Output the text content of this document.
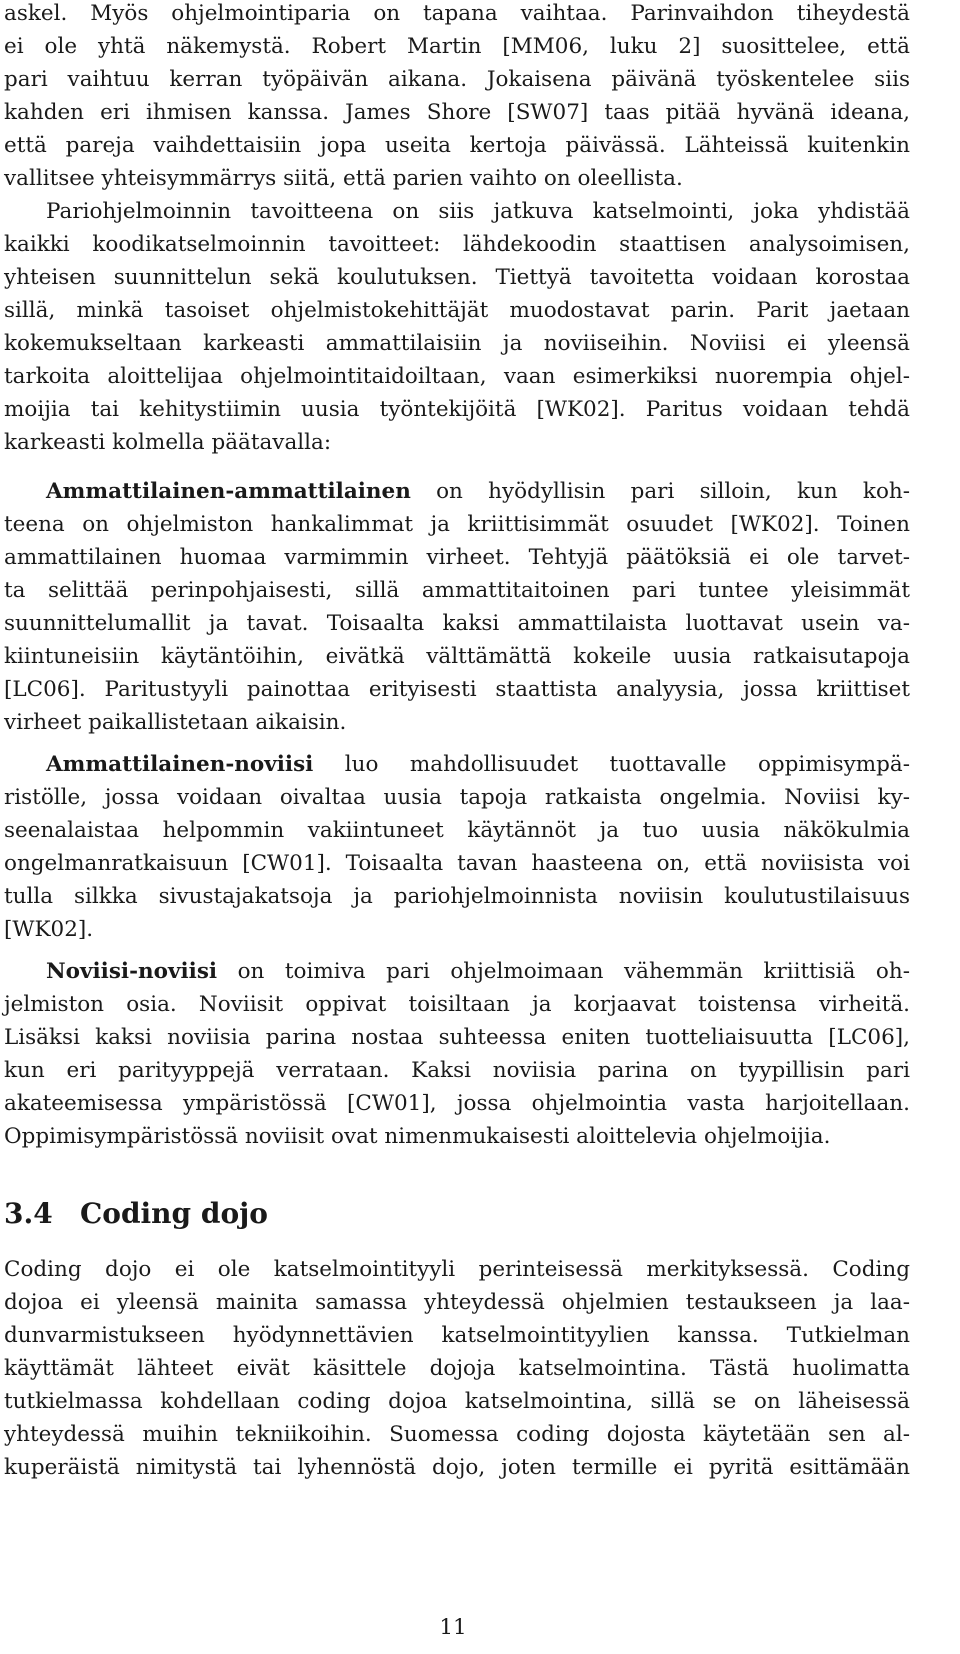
askel. Myös ohjelmointiparia on tapana vaihtaa. Parinvaihdon tiheydestä
ei ole yhtä näkemystä. Robert Martin [MM06, luku 2] suosittelee, että
pari vaihtuu kerran työpäivän aikana. Jokaisena päivänä työskentelee siis
kahden eri ihmisen kanssa. James Shore [SW07] taas pitää hyvänä ideana,
että pareja vaihdettaisiin jopa useita kertoja päivässä. Lähteissä kuitenkin
vallitsee yhteisymmärrys siitä, että parien vaihto on oleellista.
Pariohjelmoinnin tavoitteena on siis jatkuva katselmointi, joka yhdistää
kaikki koodikatselmoinnin tavoitteet: lähdekoodin staattisen analysoimisen,
yhteisen suunnittelun sekä koulutuksen. Tiettyä tavoitetta voidaan korostaa
sillä, minkä tasoiset ohjelmistokehittäjät muodostavat parin. Parit jaetaan
kokemukseltaan karkeasti ammattilaisiin ja noviiseihin. Noviisi ei yleensä
tarkoita aloittelijaa ohjelmointitaidoiltaan, vaan esimerkiksi nuorempia ohjel-
moijia tai kehitystiimin uusia työntekijöitä [WK02]. Paritus voidaan tehdä
karkeasti kolmella päätavalla:
Ammattilainen-ammattilainen on hyödyllisin pari silloin, kun koh-
teena on ohjelmiston hankalimmat ja kriittisimmät osuudet [WK02]. Toinen
ammattilainen huomaa varmimmin virheet. Tehtyjä päätöksiä ei ole tarvet-
ta selittää perinpohjaisesti, sillä ammattitaitoinen pari tuntee yleisimmät
suunnittelumallit ja tavat. Toisaalta kaksi ammattilaista luottavat usein va-
kiintuneisiin käytäntöihin, eivätkä välttämättä kokeile uusia ratkaisutapoja
[LC06]. Paritustyyli painottaa erityisesti staattista analyysia, jossa kriittiset
virheet paikallistetaan aikaisin.
Ammattilainen-noviisi luo mahdollisuudet tuottavalle oppimisympä-
ristölle, jossa voidaan oivaltaa uusia tapoja ratkaista ongelmia. Noviisi ky-
seenalaistaa helpommin vakiintuneet käytännöt ja tuo uusia näkökulmia
ongelmanratkaisuun [CW01]. Toisaalta tavan haasteena on, että noviisista voi
tulla silkka sivustajakatsoja ja pariohjelmoinnista noviisin koulutustilaisuus
[WK02].
Noviisi-noviisi on toimiva pari ohjelmoimaan vähemmän kriittisiä oh-
jelmiston osia. Noviisit oppivat toisiltaan ja korjaavat toistensa virheitä.
Lisäksi kaksi noviisia parina nostaa suhteessa eniten tuotteliaisuutta [LC06],
kun eri parityyppejä verrataan. Kaksi noviisia parina on tyypillisin pari
akateemisessa ympäristössä [CW01], jossa ohjelmointia vasta harjoitellaan.
Oppimisympäristössä noviisit ovat nimenmukaisesti aloittelevia ohjelmoijia.
3.4 Coding dojo
Coding dojo ei ole katselmointityyli perinteisessä merkityksessä. Coding
dojoa ei yleensä mainita samassa yhteydessä ohjelmien testaukseen ja laa-
dunvarmistukseen hyödynnettävien katselmointityylien kanssa. Tutkielman
käyttämät lähteet eivät käsittele dojoja katselmointina. Tästä huolimatta
tutkielmassa kohdellaan coding dojoa katselmointina, sillä se on läheisessä
yhteydessä muihin tekniikoihin. Suomessa coding dojosta käytetään sen al-
kuperäistä nimitystä tai lyhennöstä dojo, joten termille ei pyritä esittämään
11
